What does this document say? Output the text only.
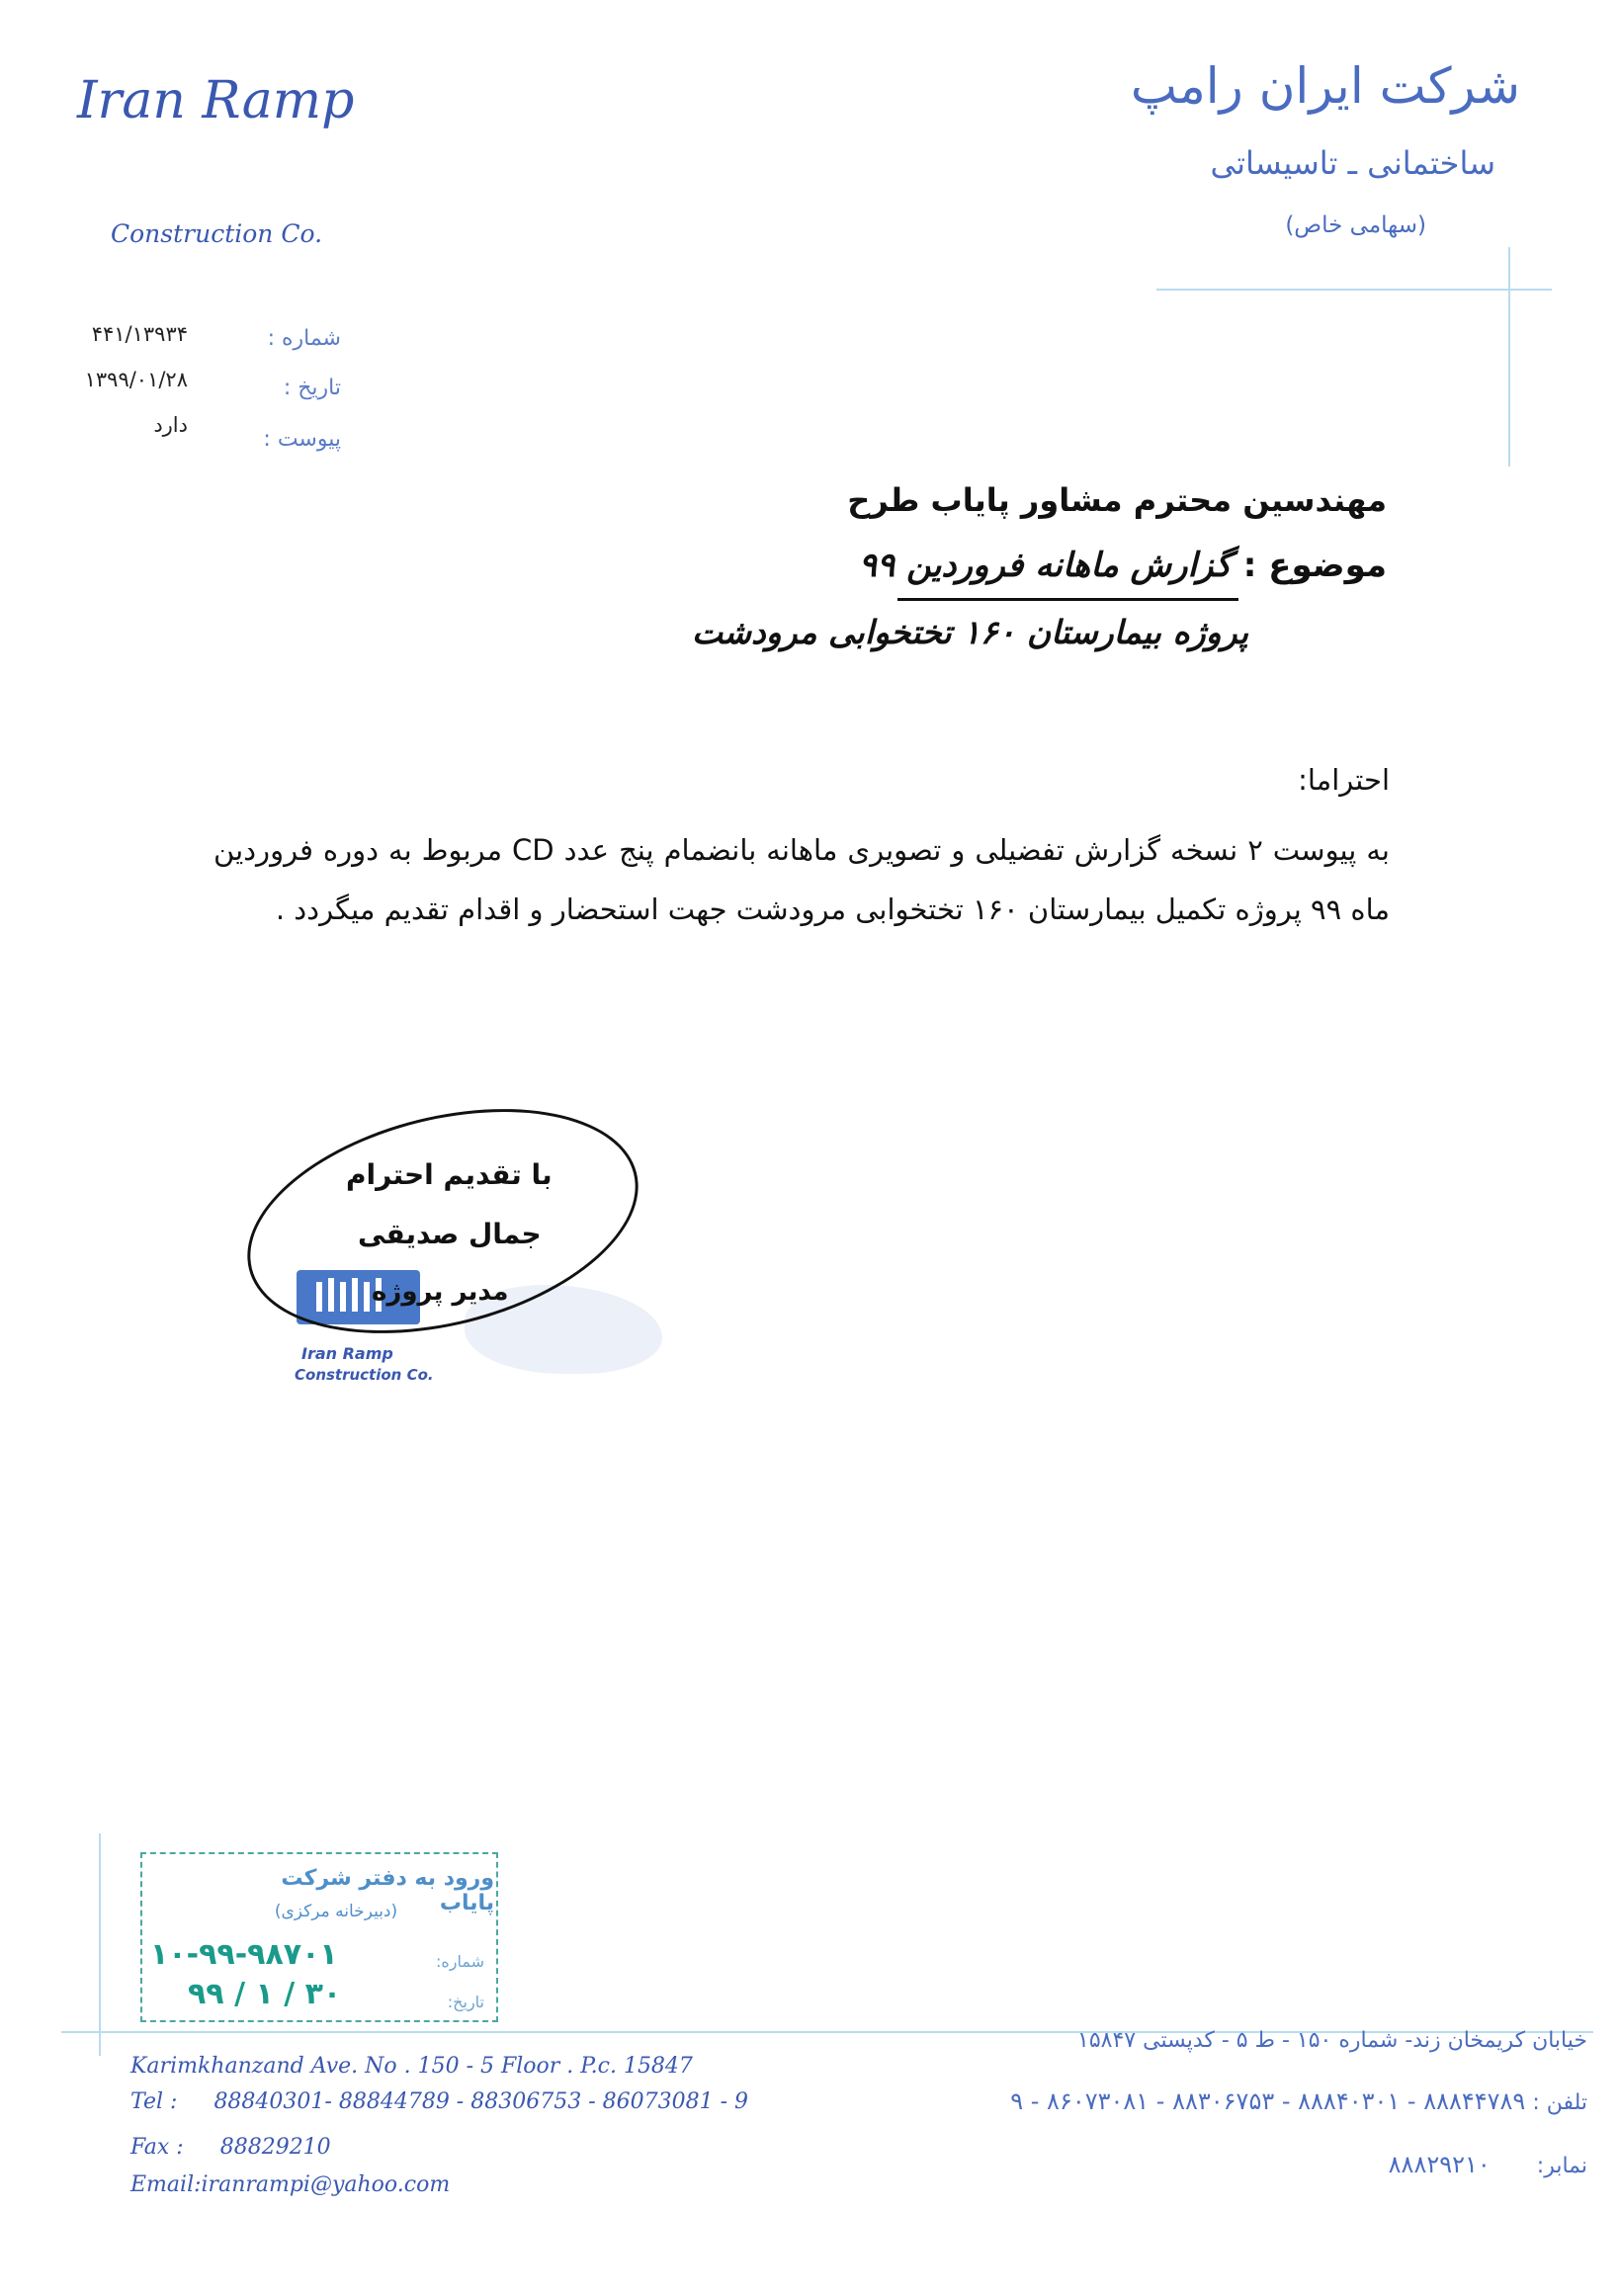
Iran Ramp
Construction Co.
شرکت ایران رامپ
ساختمانی ـ تاسیساتی
(سهامی خاص)
شماره :
۴۴۱/۱۳۹۳۴
تاریخ :
۱۳۹۹/۰۱/۲۸
پیوست :
دارد
مهندسین محترم مشاور پایاب طرح
موضوع : گزارش ماهانه فروردین ۹۹
پروژه بیمارستان ۱۶۰ تختخوابی مرودشت
احتراما:
به پیوست ۲ نسخه گزارش تفضیلی و تصویری ماهانه بانضمام پنج عدد CD مربوط به دوره فروردین ماه ۹۹ پروژه تکمیل بیمارستان ۱۶۰ تختخوابی مرودشت جهت استحضار و اقدام تقدیم میگردد .
Iran Ramp
Construction Co.
با تقدیم احترام
جمال صدیقی
مدیر پروژه
ورود به دفتر شرکت پایاب
(دبیرخانه مرکزی)
شماره:
تاریخ:
۱۰-۹۹-۹۸۷۰۱
۹۹ / ۱ / ۳۰
Karimkhanzand Ave. No . 150 - 5 Floor . P.c. 15847
Tel : 88840301- 88844789 - 88306753 - 86073081 - 9
Fax : 88829210
Email:iranrampi@yahoo.com
خیابان کریمخان زند- شماره ۱۵۰ - ط ۵ - کدپستی ۱۵۸۴۷
تلفن : ۸۸۸۴۴۷۸۹ - ۸۸۸۴۰۳۰۱ - ۸۸۳۰۶۷۵۳ - ۸۶۰۷۳۰۸۱ - ۹
نمابر: ۸۸۸۲۹۲۱۰
